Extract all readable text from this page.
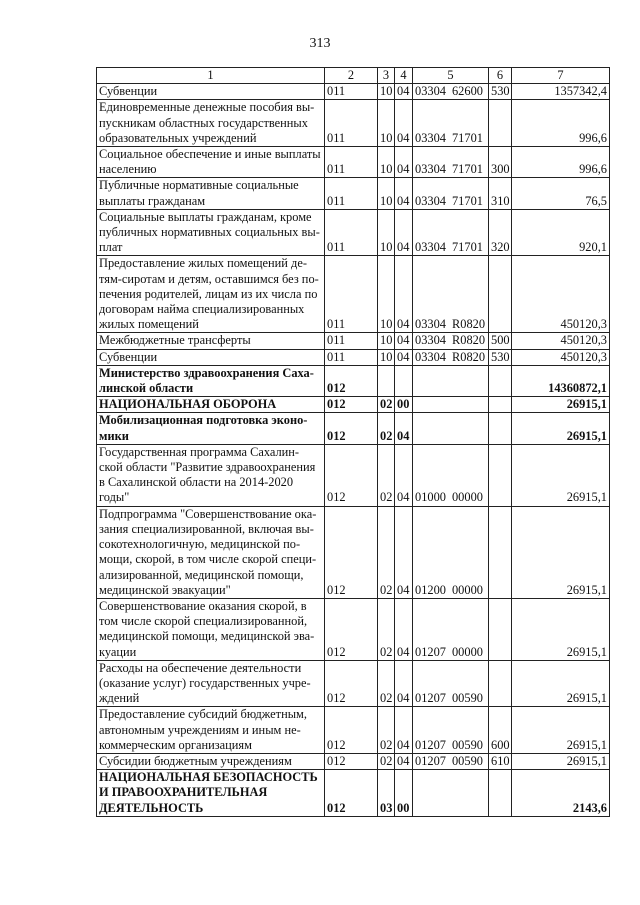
313
1	2	3	4	5	6	7
Субвенции	011	10	04	03304 62600	530	1357342,4
Единовременные денежные пособия вы-пускникам областных государственных образовательных учреждений	011	10	04	03304 71701		996,6
Социальное обеспечение и иные выплаты населению	011	10	04	03304 71701	300	996,6
Публичные нормативные социальные выплаты гражданам	011	10	04	03304 71701	310	76,5
Социальные выплаты гражданам, кроме публичных нормативных социальных вы-плат	011	10	04	03304 71701	320	920,1
Предоставление жилых помещений де-тям-сиротам и детям, оставшимся без по-печения родителей, лицам из их числа по договорам найма специализированных жилых помещений	011	10	04	03304 R0820		450120,3
Межбюджетные трансферты	011	10	04	03304 R0820	500	450120,3
Субвенции	011	10	04	03304 R0820	530	450120,3
Министерство здравоохранения Саха-линской области	012					14360872,1
НАЦИОНАЛЬНАЯ ОБОРОНА	012	02	00			26915,1
Мобилизационная подготовка эконо-мики	012	02	04			26915,1
Государственная программа Сахалин-ской области "Развитие здравоохранения в Сахалинской области на 2014-2020 годы"	012	02	04	01000 00000		26915,1
Подпрограмма "Совершенствование ока-зания специализированной, включая вы-сокотехнологичную, медицинской по-мощи, скорой, в том числе скорой специ-ализированной, медицинской помощи, медицинской эвакуации"	012	02	04	01200 00000		26915,1
Совершенствование оказания скорой, в том числе скорой специализированной, медицинской помощи, медицинской эва-куации	012	02	04	01207 00000		26915,1
Расходы на обеспечение деятельности (оказание услуг) государственных учре-ждений	012	02	04	01207 00590		26915,1
Предоставление субсидий бюджетным, автономным учреждениям и иным не-коммерческим организациям	012	02	04	01207 00590	600	26915,1
Субсидии бюджетным учреждениям	012	02	04	01207 00590	610	26915,1
НАЦИОНАЛЬНАЯ БЕЗОПАСНОСТЬ И ПРАВООХРАНИТЕЛЬНАЯ ДЕЯТЕЛЬНОСТЬ	012	03	00			2143,6
